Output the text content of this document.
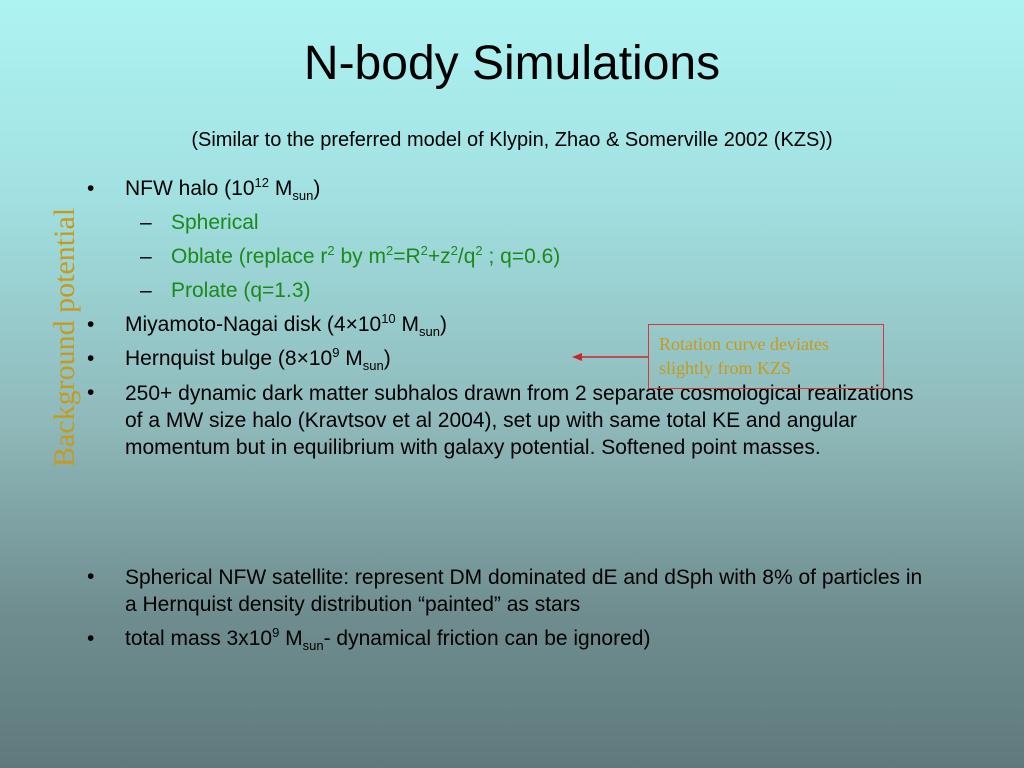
N-body Simulations
(Similar to the preferred model of Klypin, Zhao & Somerville 2002 (KZS))
Background potential
• NFW halo ($10^{12}$ $M_{sun}$)
– Spherical
– Oblate (replace $r^2$ by $m^2=R^2+z^2/q^2$ ; q=0.6)
– Prolate (q=1.3)
• Miyamoto-Nagai disk ($4\times 10^{10}$ $M_{sun}$)
• Hernquist bulge ($8\times 10^9$ $M_{sun}$)
• 250+ dynamic dark matter subhalos drawn from 2 separate cosmological realizations of a MW size halo (Kravtsov et al 2004), set up with same total KE and angular momentum but in equilibrium with galaxy potential. Softened point masses.
• Spherical NFW satellite: represent DM dominated dE and dSph with 8% of particles in a Hernquist density distribution “painted” as stars
• total mass $3x10^9$ $M_{sun}-$ dynamical friction can be ignored)
Rotation curve deviates
slightly from KZS
